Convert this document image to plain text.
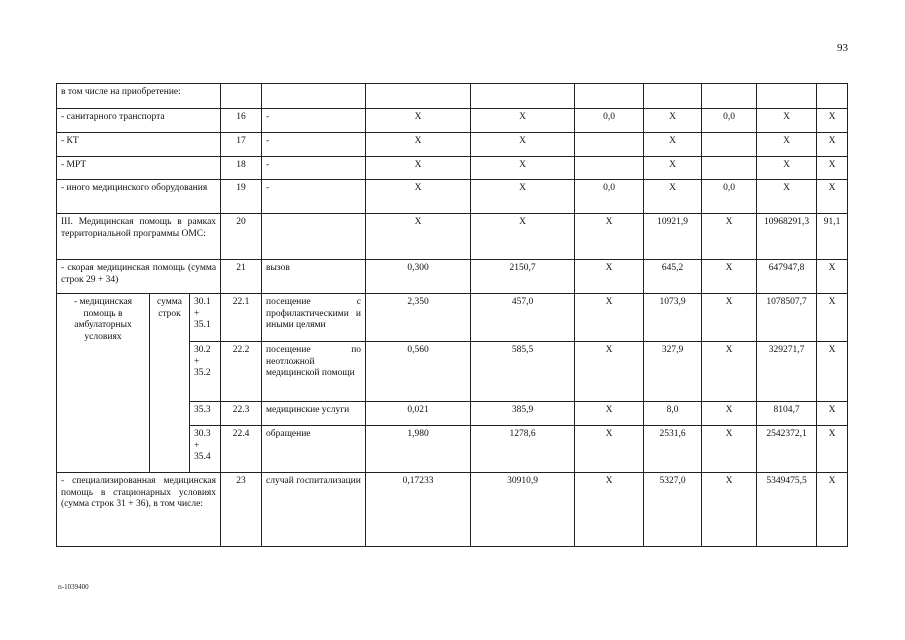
93
в том числе на приобретение:											
- санитарного транспорта			16	-	X	X	0,0	X	0,0	X	X
- КТ			17	-	X	X		X		X	X
- МРТ			18	-	X	X		X		X	X
- иного медицинского оборудования			19	-	X	X	0,0	X	0,0	X	X
III. Медицинская помощь в рамках территориальной программы ОМС:			20		X	X	X	10921,9	X	10968291,3	91,1
- скорая медицинская помощь (сумма строк 29 + 34)			21	вызов	0,300	2150,7	X	645,2	X	647947,8	X
- медицинская помощь в амбулаторных условиях	сумма строк	30.1 + 35.1	22.1	посещение с профилактическими и иными целями	2,350	457,0	X	1073,9	X	1078507,7	X
		30.2 + 35.2	22.2	посещение по неотложной медицинской помощи	0,560	585,5	X	327,9	X	329271,7	X
		35.3	22.3	медицинские услуги	0,021	385,9	X	8,0	X	8104,7	X
		30.3 + 35.4	22.4	обращение	1,980	1278,6	X	2531,6	X	2542372,1	X
- специализированная медицинская помощь в стационарных условиях (сумма строк 31 + 36), в том числе:			23	случай госпитализации	0,17233	30910,9	X	5327,0	X	5349475,5	X
п-1039400
